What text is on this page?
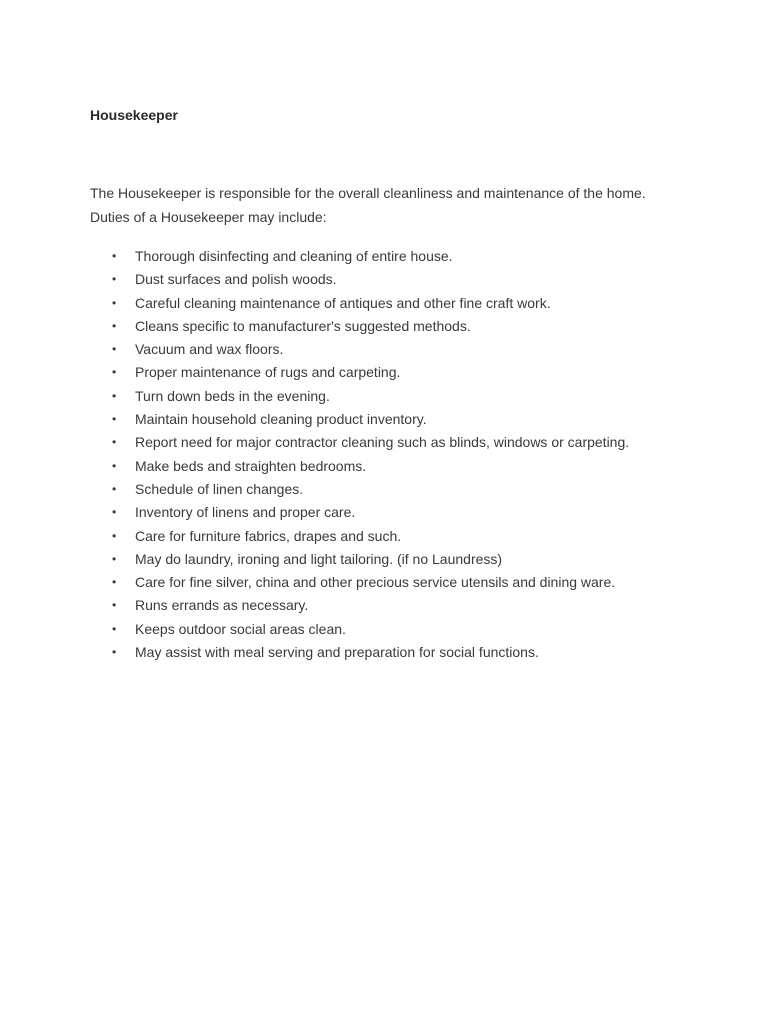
Housekeeper

The Housekeeper is responsible for the overall cleanliness and maintenance of the home. Duties of a Housekeeper may include:

• Thorough disinfecting and cleaning of entire house.
• Dust surfaces and polish woods.
• Careful cleaning maintenance of antiques and other fine craft work.
• Cleans specific to manufacturer's suggested methods.
• Vacuum and wax floors.
• Proper maintenance of rugs and carpeting.
• Turn down beds in the evening.
• Maintain household cleaning product inventory.
• Report need for major contractor cleaning such as blinds, windows or carpeting.
• Make beds and straighten bedrooms.
• Schedule of linen changes.
• Inventory of linens and proper care.
• Care for furniture fabrics, drapes and such.
• May do laundry, ironing and light tailoring. (if no Laundress)
• Care for fine silver, china and other precious service utensils and dining ware.
• Runs errands as necessary.
• Keeps outdoor social areas clean.
• May assist with meal serving and preparation for social functions.
